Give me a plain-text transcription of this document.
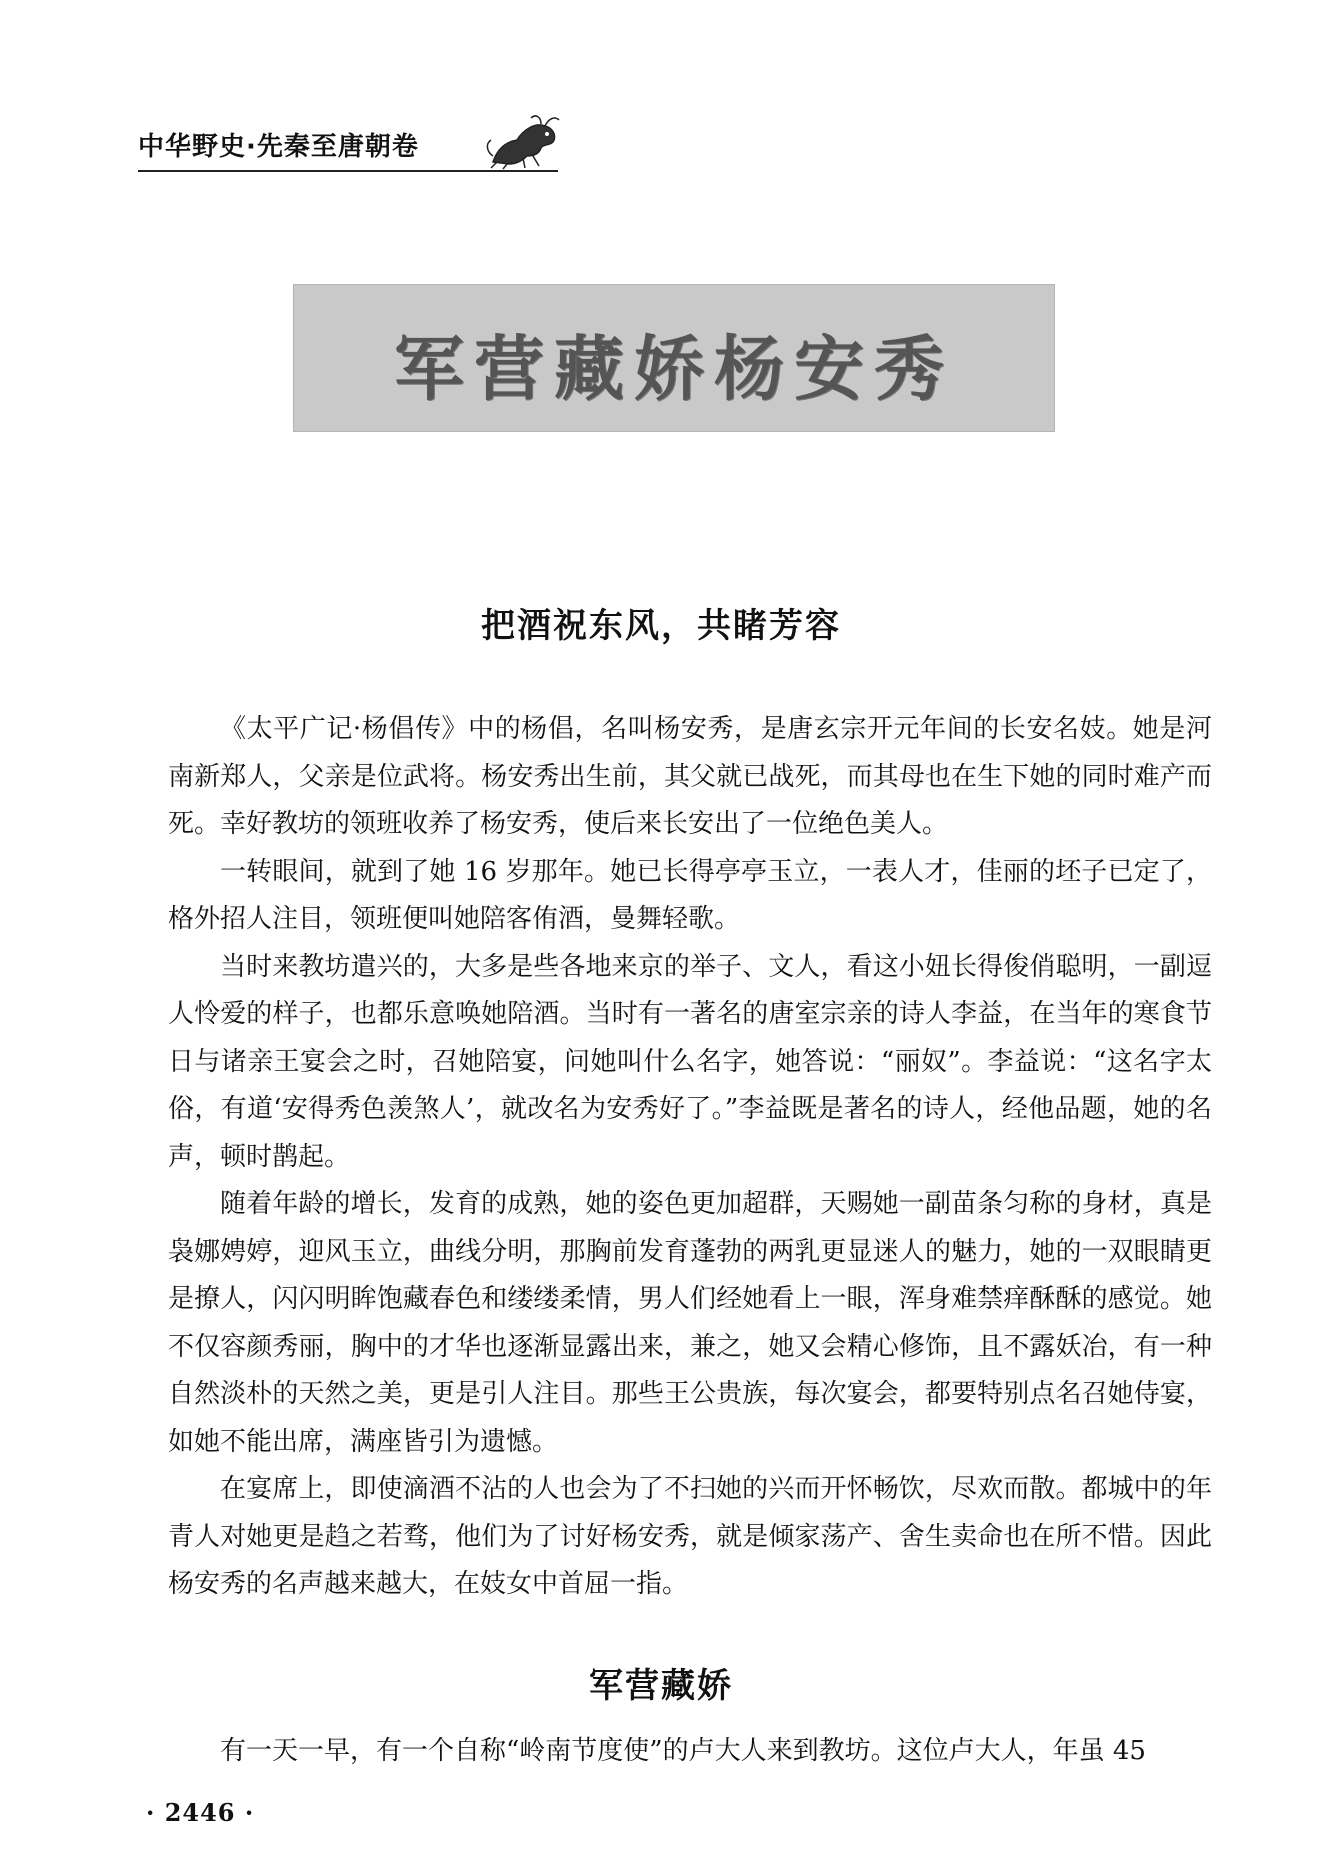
中华野史·先秦至唐朝卷
军营藏娇杨安秀
把酒祝东风，共睹芳容

《太平广记·杨倡传》中的杨倡，名叫杨安秀，是唐玄宗开元年间的长安名妓。她是河南新郑人，父亲是位武将。杨安秀出生前，其父就已战死，而其母也在生下她的同时难产而死。幸好教坊的领班收养了杨安秀，使后来长安出了一位绝色美人。

一转眼间，就到了她 16 岁那年。她已长得亭亭玉立，一表人才，佳丽的坯子已定了，格外招人注目，领班便叫她陪客侑酒，曼舞轻歌。

当时来教坊遣兴的，大多是些各地来京的举子、文人，看这小妞长得俊俏聪明，一副逗人怜爱的样子，也都乐意唤她陪酒。当时有一著名的唐室宗亲的诗人李益，在当年的寒食节日与诸亲王宴会之时，召她陪宴，问她叫什么名字，她答说：“丽奴”。李益说：“这名字太俗，有道‘安得秀色羡煞人’，就改名为安秀好了。”李益既是著名的诗人，经他品题，她的名声，顿时鹊起。

随着年龄的增长，发育的成熟，她的姿色更加超群，天赐她一副苗条匀称的身材，真是袅娜娉婷，迎风玉立，曲线分明，那胸前发育蓬勃的两乳更显迷人的魅力，她的一双眼睛更是撩人，闪闪明眸饱藏春色和缕缕柔情，男人们经她看上一眼，浑身难禁痒酥酥的感觉。她不仅容颜秀丽，胸中的才华也逐渐显露出来，兼之，她又会精心修饰，且不露妖冶，有一种自然淡朴的天然之美，更是引人注目。那些王公贵族，每次宴会，都要特别点名召她侍宴，如她不能出席，满座皆引为遗憾。

在宴席上，即使滴酒不沾的人也会为了不扫她的兴而开怀畅饮，尽欢而散。都城中的年青人对她更是趋之若骛，他们为了讨好杨安秀，就是倾家荡产、舍生卖命也在所不惜。因此杨安秀的名声越来越大，在妓女中首屈一指。

军营藏娇

有一天一早，有一个自称“岭南节度使”的卢大人来到教坊。这位卢大人，年虽 45

· 2446 ·
